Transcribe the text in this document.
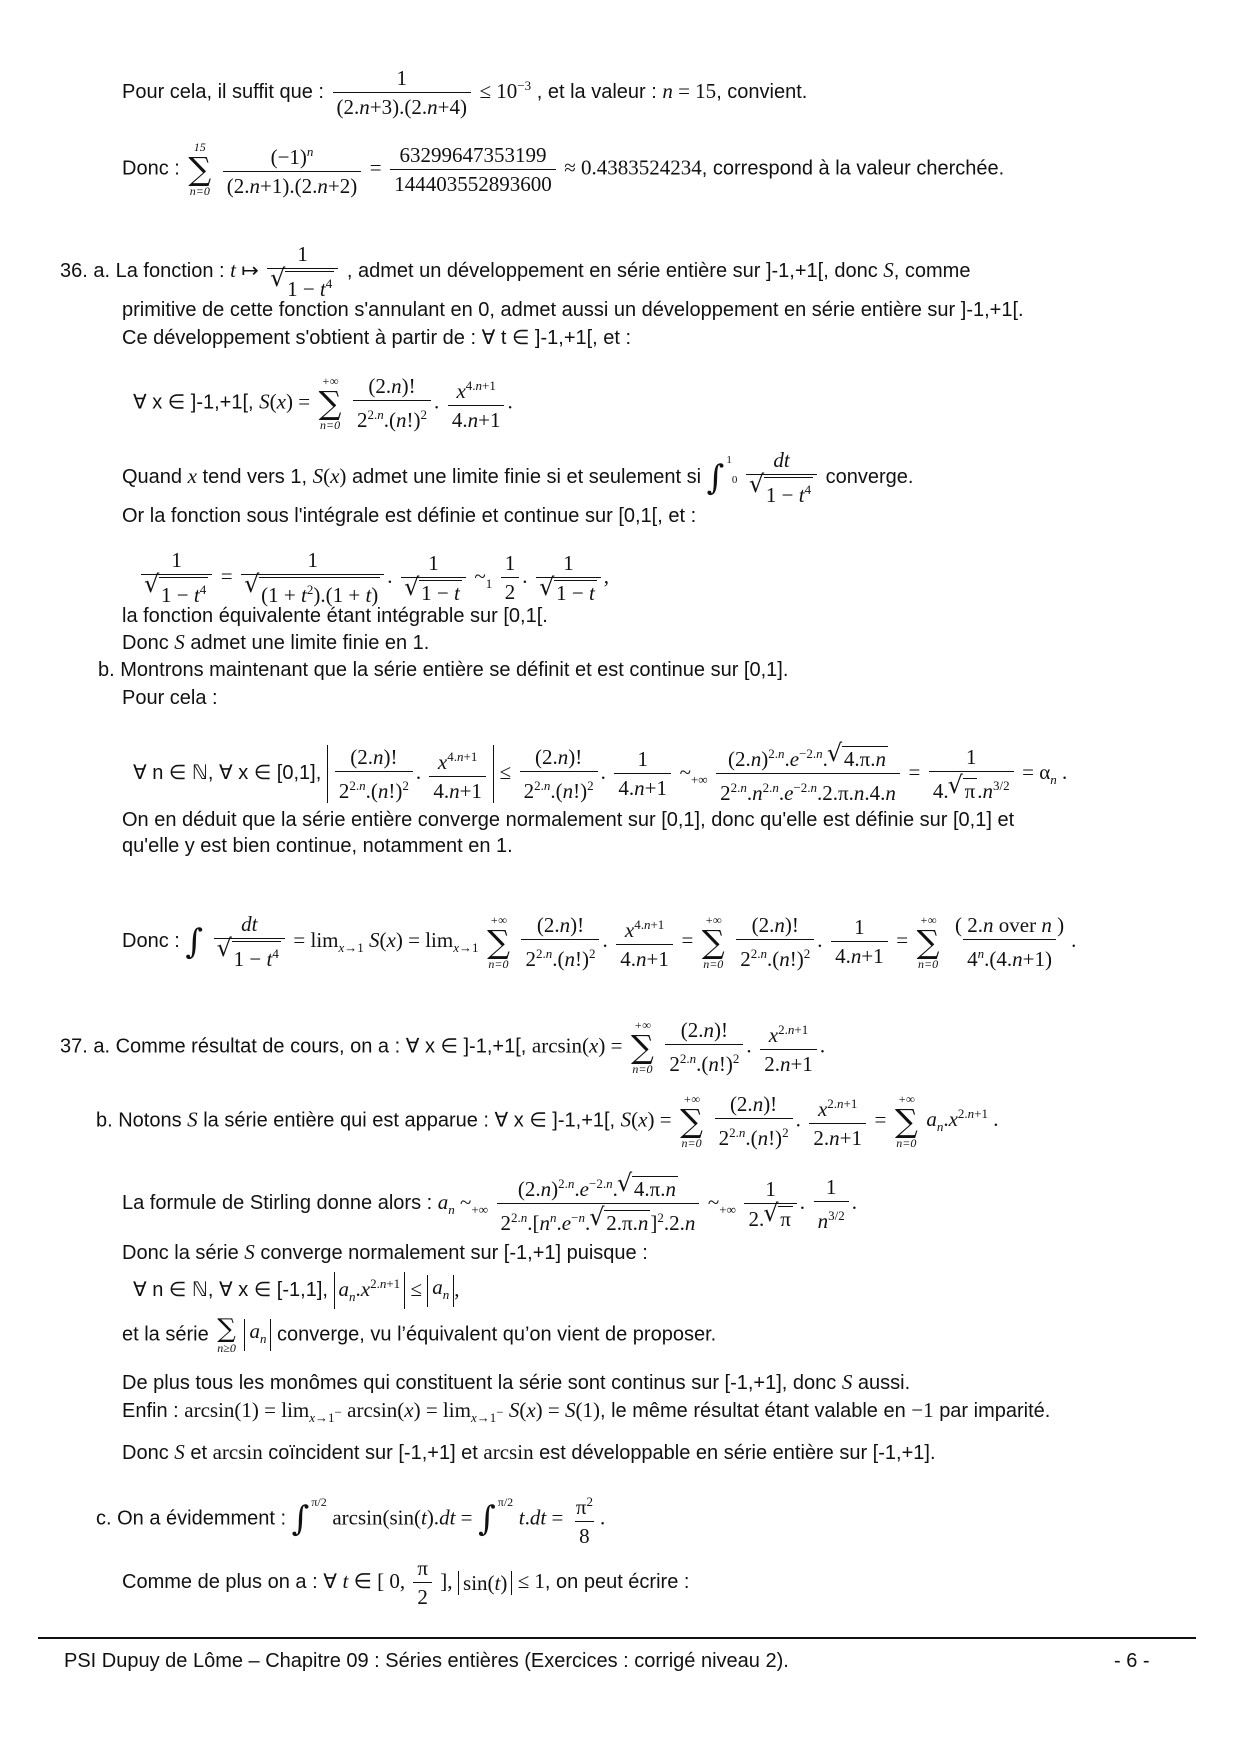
Pour cela, il suffit que : $\frac{1}{(2.n+3).(2.n+4)} \le 10^{-3}$ , et la valeur : n = 15, convient.
Donc :
15
∑
n=0
$\frac{(-1)^n}{(2.n+1).(2.n+2)} = \frac{63299647353199}{144403552893600} \approx 0.4383524234$, correspond à la valeur cherchée.
36. a. La fonction : t ↦ 1
√ $1 - t^4$ , admet un développement en série entière sur ]-1,+1[, donc S, comme
primitive de cette fonction s'annulant en 0, admet aussi un développement en série entière sur ]-1,+1[.
Ce développement s'obtient à partir de : ∀ t ∈ ]-1,+1[, et :
∀ x ∈ ]-1,+1[, S(x) =
+∞
∑
n=0
$\frac{(2.n)!}{2^{2.n}.(n!)^2}$ . $\frac{x^{4.n+1}}{4.n+1}$ .
Quand x tend vers 1, S(x) admet une limite finie si et seulement si ∫ $^1$0 dt
√ $1 - t^4$ converge.
Or la fonction sous l'intégrale est définie et continue sur [0,1[, et :
1
√ $1 - t^4 = 1$
√ $(1 + t^2).(1 + t)$ . 1
√ 1 − t $\sim_1 \frac{1}{2}$ . 1
√ 1 − t ,
la fonction équivalente étant intégrable sur [0,1[.
Donc S admet une limite finie en 1.
b. Montrons maintenant que la série entière se définit et est continue sur [0,1].
Pour cela :
∀ n ∈ ℕ, ∀ x ∈ [0,1], $\frac{(2.n)!}{2^{2.n}.(n!)^2}$ . $\frac{x^{4.n+1}}{4.n+1} \le \frac{(2.n)!}{2^{2.n}.(n!)^2}$ . $\frac{1}{4.n+1}$ $\sim_{+\infty} \frac{(2.n)^{2.n}.e^{-2.n}. √ 4.\pi.n}{2^{2.n}.n^{2.n}.e^{-2.n}.2.\pi.n.4.n} = \frac{1}{4. √ \pi.n^{3/2}} = \alpha_n$ .
On en déduit que la série entière converge normalement sur [0,1], donc qu'elle est définie sur [0,1] et
qu'elle y est bien continue, notamment en 1.
Donc : ∫ dt
√ $1 - t^4 = \lim_{x\to 1} S(x) = \lim_{x\to 1}$
+∞
∑
n=0
$\frac{(2.n)!}{2^{2.n}.(n!)^2}$ . $\frac{x^{4.n+1}}{4.n+1}$ =
+∞
∑
n=0
$\frac{(2.n)!}{2^{2.n}.(n!)^2}$ . $\frac{1}{4.n+1}$ =
+∞
∑
n=0
$\frac{\text{( 2.n over n )}}{4^n.(4.n+1)}$ .
37. a. Comme résultat de cours, on a : ∀ x ∈ ]-1,+1[, arcsin(x) =
+∞
∑
n=0
$\frac{(2.n)!}{2^{2.n}.(n!)^2}$ . $\frac{x^{2.n+1}}{2.n+1}$ .
b. Notons S la série entière qui est apparue : ∀ x ∈ ]-1,+1[, S(x) =
+∞
∑
n=0
$\frac{(2.n)!}{2^{2.n}.(n!)^2}$ . $\frac{x^{2.n+1}}{2.n+1}$ =
+∞
∑
n=0
$a_n.x^{2.n+1}$ .
La formule de Stirling donne alors : $a_n$ $\sim_{+\infty} \frac{(2.n)^{2.n}.e^{-2.n}. √ 4.\pi.n}{2^{2.n}.[n^n.e^{-n}. √ 2.\pi.n]^2.2.n}$ $\sim_{+\infty} \frac{1}{2. √ \pi}$ . $\frac{1}{n^{3/2}}$ .
Donc la série S converge normalement sur [-1,+1] puisque :
∀ n ∈ ℕ, ∀ x ∈ [-1,1], $a_n.x^{2.n+1} \le a_n$ ,
et la série ∑
n≥0
$a_n$ converge, vu l’équivalent qu’on vient de proposer.
De plus tous les monômes qui constituent la série sont continus sur [-1,+1], donc S aussi.
Enfin : $\arcsin(1) = \lim_{x\to 1^-} \arcsin(x) = \lim_{x\to 1^-} S(x) = S(1)$, le même résultat étant valable en −1 par imparité.
Donc S et arcsin coïncident sur [-1,+1] et arcsin est développable en série entière sur [-1,+1].
c. On a évidemment : ∫ $^{\pi/2}$ arcsin(sin(t).dt = ∫ $^{\pi/2}$ $t.dt = \frac{\pi^2}{8}$ .
Comme de plus on a : ∀ t ∈ [ 0, $\frac{\pi}{2}$ ], sin(t) ≤ 1, on peut écrire :
PSI Dupuy de Lôme – Chapitre 09 : Séries entières (Exercices : corrigé niveau 2).	- 6 -
